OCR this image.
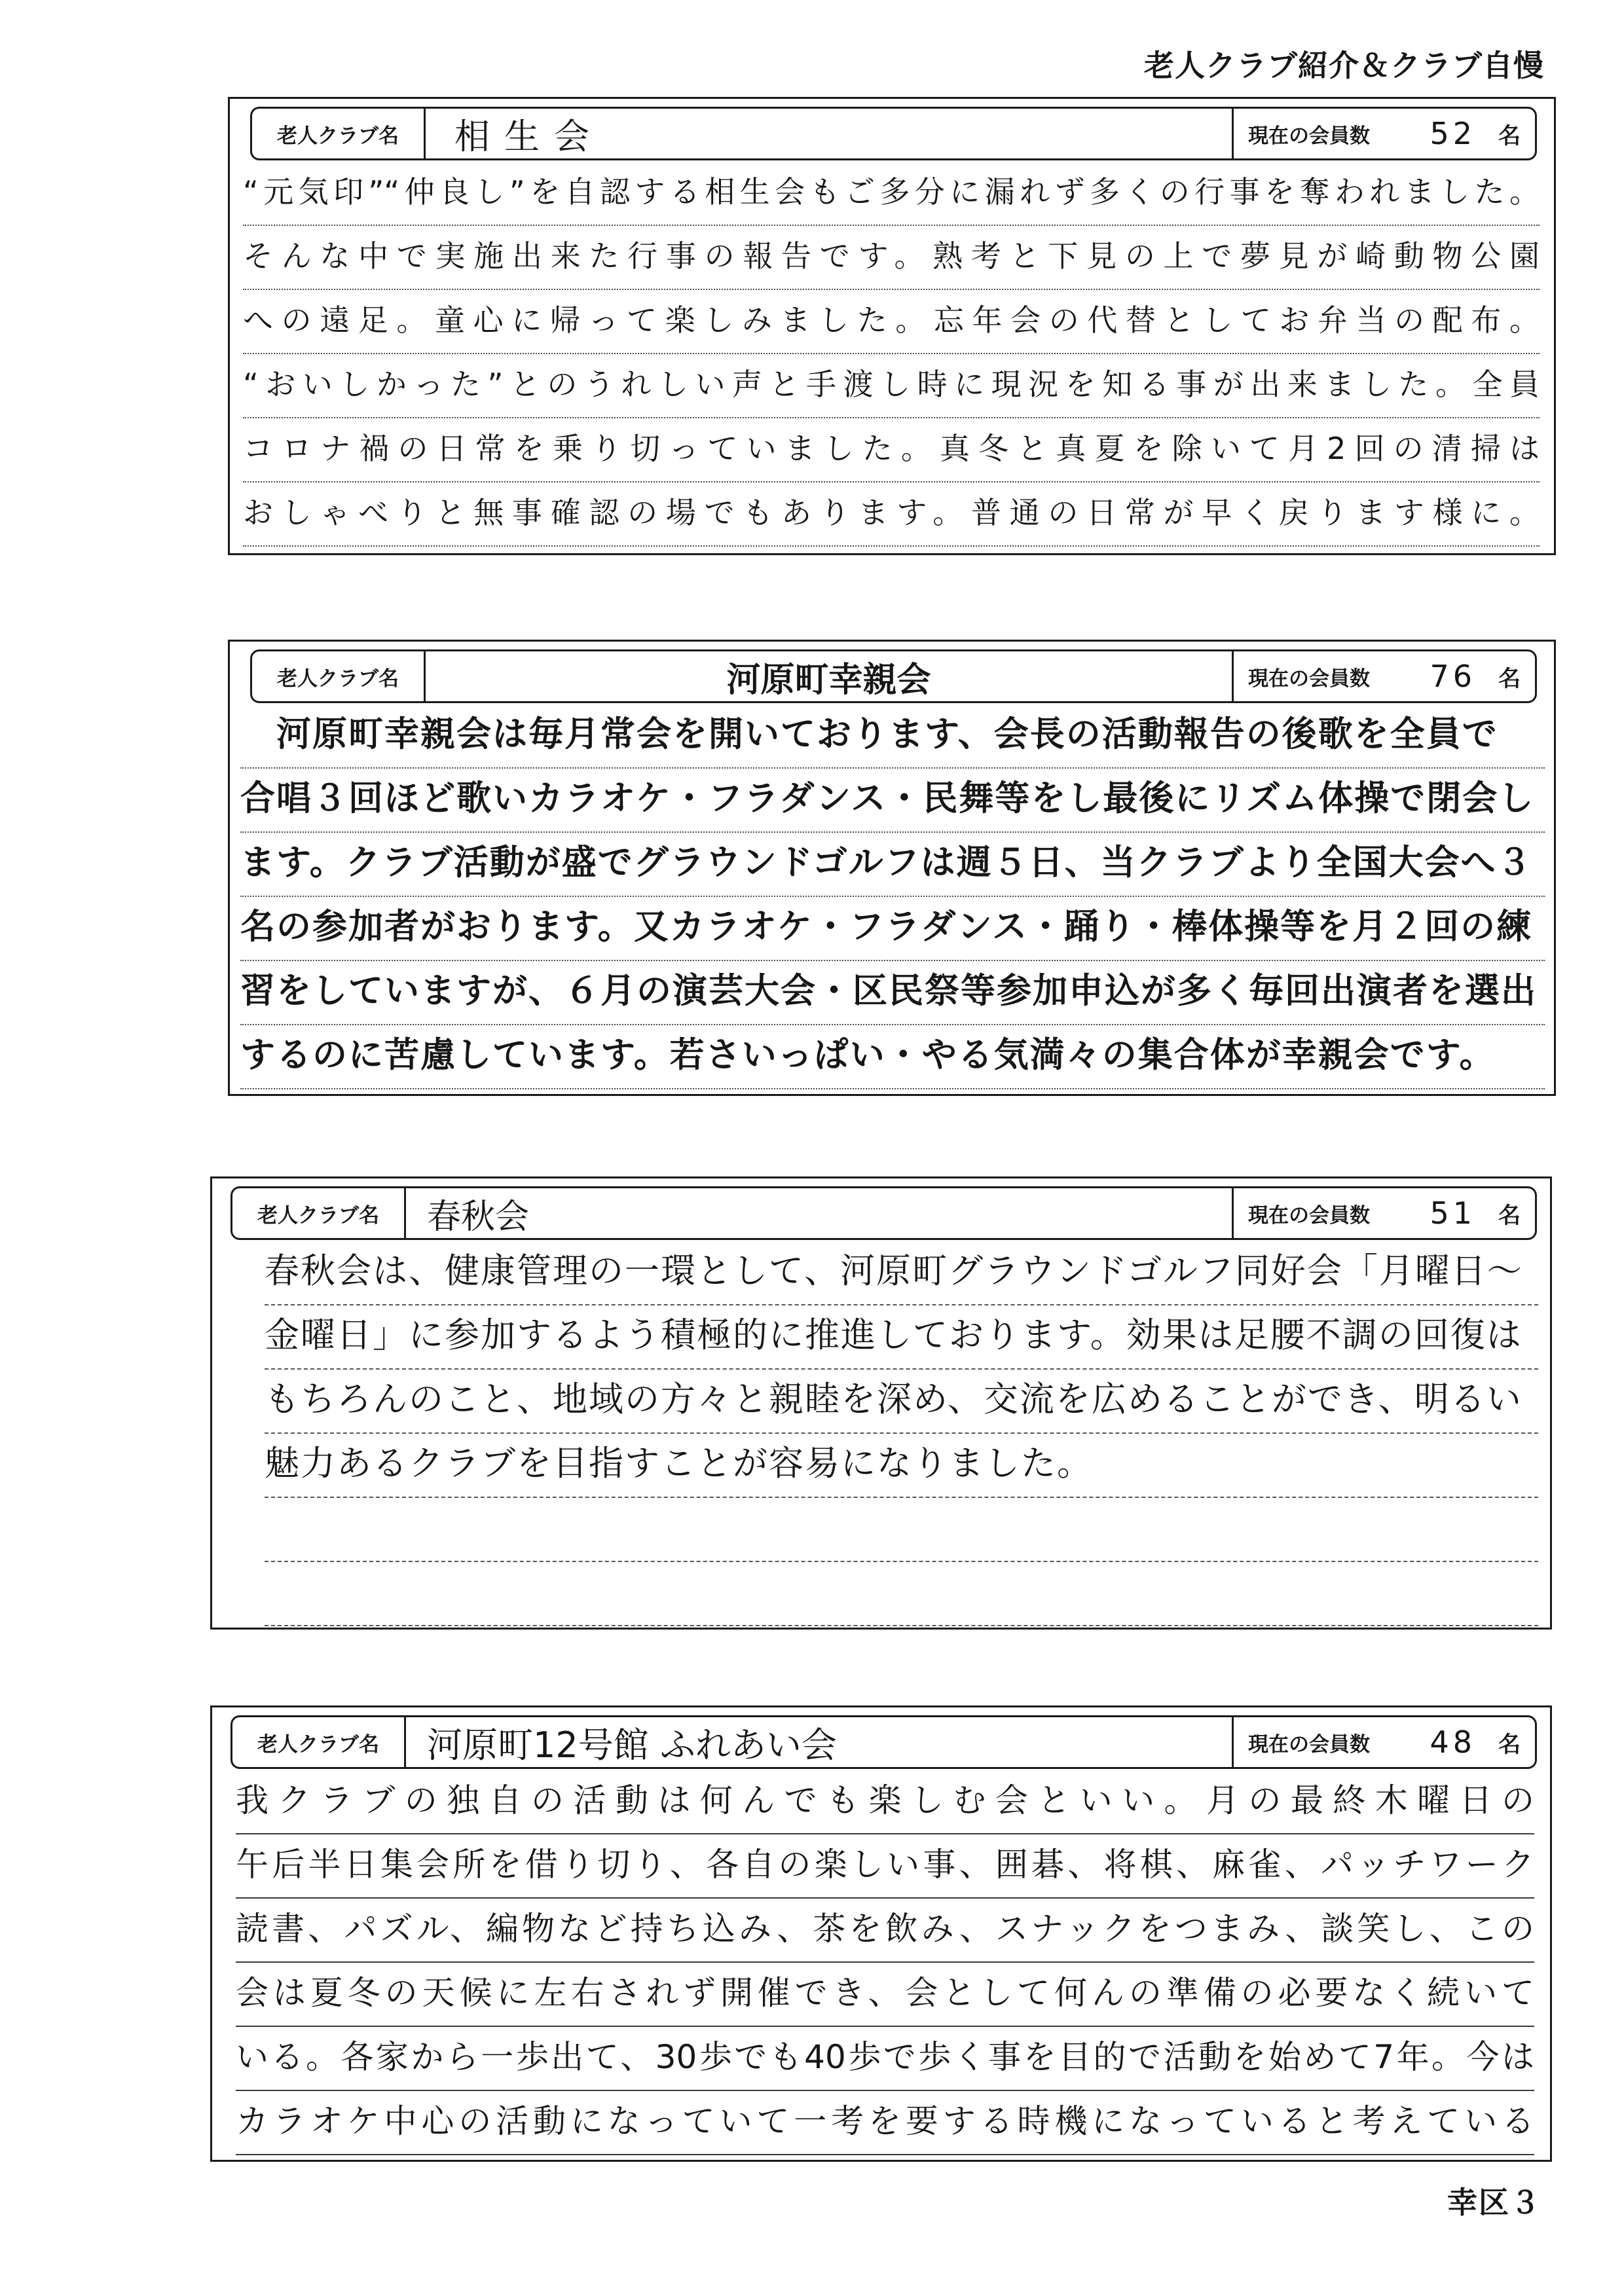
老人クラブ紹介＆クラブ自慢
老人クラブ名	相生会	現在の会員数	52	名
“元気印”“仲良し”を自認する相生会もご多分に漏れず多くの行事を奪われました。
そんな中で実施出来た行事の報告です。熟考と下見の上で夢見が崎動物公園
への遠足。童心に帰って楽しみました。忘年会の代替としてお弁当の配布。
“おいしかった”とのうれしい声と手渡し時に現況を知る事が出来ました。全員
コロナ禍の日常を乗り切っていました。真冬と真夏を除いて月2回の清掃は
おしゃべりと無事確認の場でもあります。普通の日常が早く戻ります様に。
老人クラブ名	河原町幸親会	現在の会員数	76	名
河原町幸親会は毎月常会を開いております、会長の活動報告の後歌を全員で
合唱３回ほど歌いカラオケ・フラダンス・民舞等をし最後にリズム体操で閉会し
ます。クラブ活動が盛でグラウンドゴルフは週５日、当クラブより全国大会へ３
名の参加者がおります。又カラオケ・フラダンス・踊り・棒体操等を月２回の練
習をしていますが、６月の演芸大会・区民祭等参加申込が多く毎回出演者を選出
するのに苦慮しています。若さいっぱい・やる気満々の集合体が幸親会です。
老人クラブ名	春秋会	現在の会員数	51	名
春秋会は、健康管理の一環として、河原町グラウンドゴルフ同好会「月曜日～
金曜日」に参加するよう積極的に推進しております。効果は足腰不調の回復は
もちろんのこと、地域の方々と親睦を深め、交流を広めることができ、明るい
魅力あるクラブを目指すことが容易になりました。
老人クラブ名	河原町12号館 ふれあい会	現在の会員数	48	名
我クラブの独自の活動は何んでも楽しむ会といい。月の最終木曜日の
午后半日集会所を借り切り、各自の楽しい事、囲碁、将棋、麻雀、パッチワーク
読書、パズル、編物など持ち込み、茶を飲み、スナックをつまみ、談笑し、この
会は夏冬の天候に左右されず開催でき、会として何んの準備の必要なく続いて
いる。各家から一歩出て、30歩でも40歩で歩く事を目的で活動を始めて7年。今は
カラオケ中心の活動になっていて一考を要する時機になっていると考えている
幸区３
